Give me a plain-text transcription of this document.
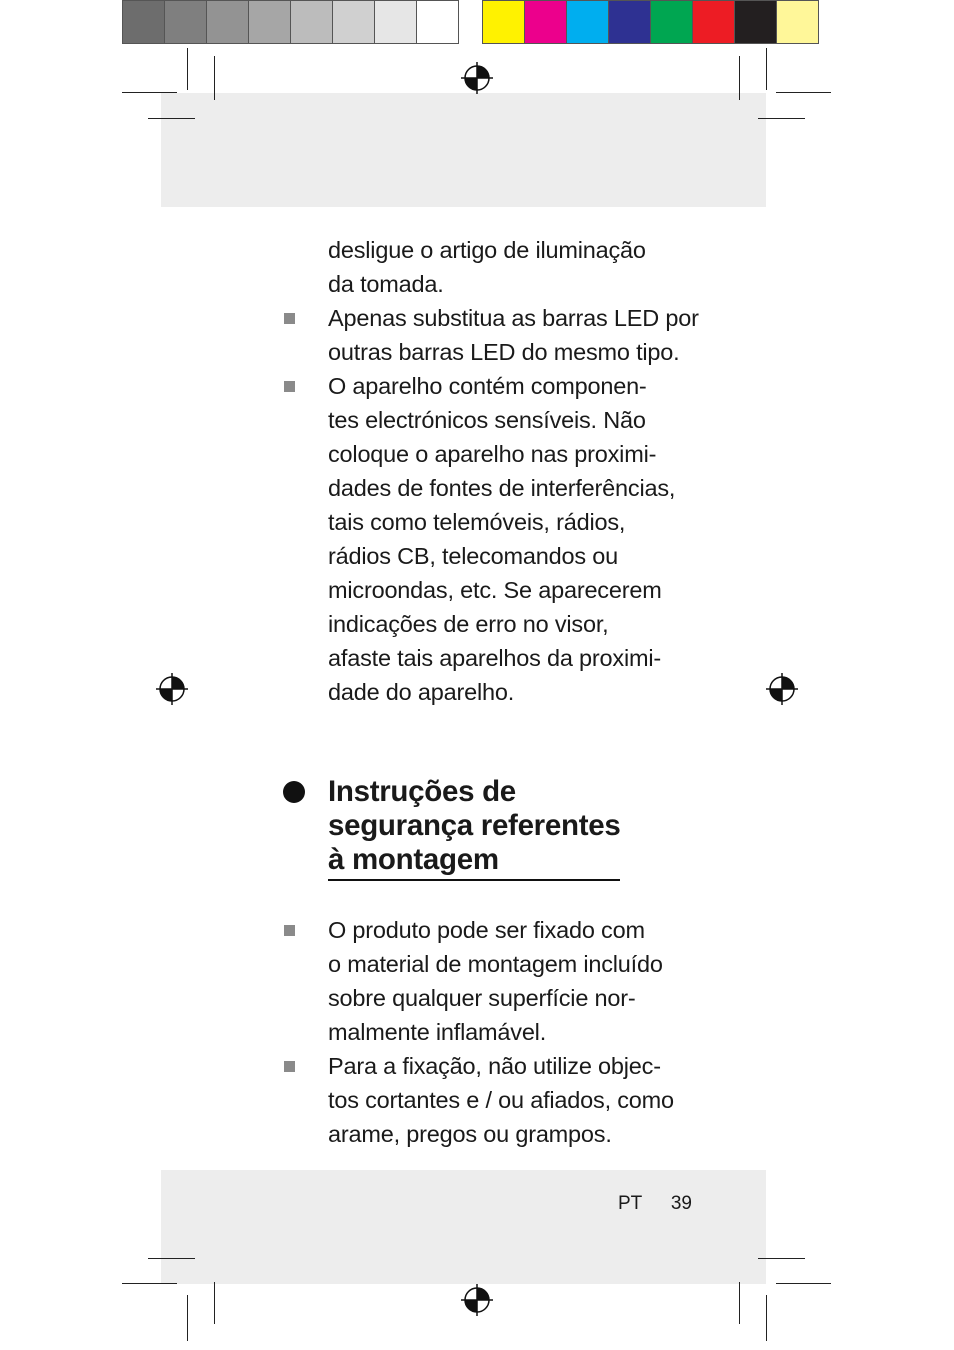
desligue o artigo de iluminação
da tomada.
Apenas substitua as barras LED por
outras barras LED do mesmo tipo.
O aparelho contém componen-
tes electrónicos sensíveis. Não
coloque o aparelho nas proximi-
dades de fontes de interferências,
tais como telemóveis, rádios,
rádios CB, telecomandos ou
microondas, etc. Se aparecerem
indicações de erro no visor,
afaste tais aparelhos da proximi-
dade do aparelho.
Instruções de
segurança referentes
à montagem
O produto pode ser fixado com
o material de montagem incluído
sobre qualquer superfície nor-
malmente inflamável.
Para a fixação, não utilize objec-
tos cortantes e / ou afiados, como
arame, pregos ou grampos.
PT 39
